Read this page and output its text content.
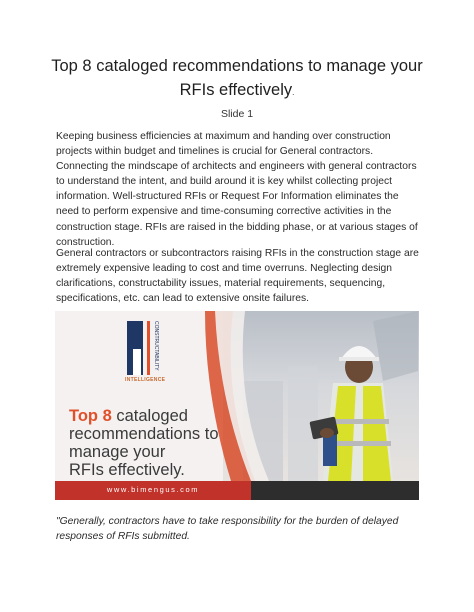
Top 8 cataloged recommendations to manage your RFIs effectively.
Slide 1
Keeping business efficiencies at maximum and handing over construction projects within budget and timelines is crucial for General contractors. Connecting the mindscape of architects and engineers with general contractors to understand the intent, and build around it is key whilst collecting project information. Well-structured RFIs or Request For Information eliminates the need to perform expensive and time-consuming corrective activities in the construction stage. RFIs are raised in the bidding phase, or at various stages of construction.
General contractors or subcontractors raising RFIs in the construction stage are extremely expensive leading to cost and time overruns. Neglecting design clarifications, constructability issues, material requirements, sequencing, specifications, etc. can lead to extensive onsite failures.
CONSTRUCTABILITY
INTELLIGENCE
Top 8 cataloged
recommendations to
manage your
RFIs effectively.
www.bimengus.com
"Generally, contractors have to take responsibility for the burden of delayed responses of RFIs submitted.
